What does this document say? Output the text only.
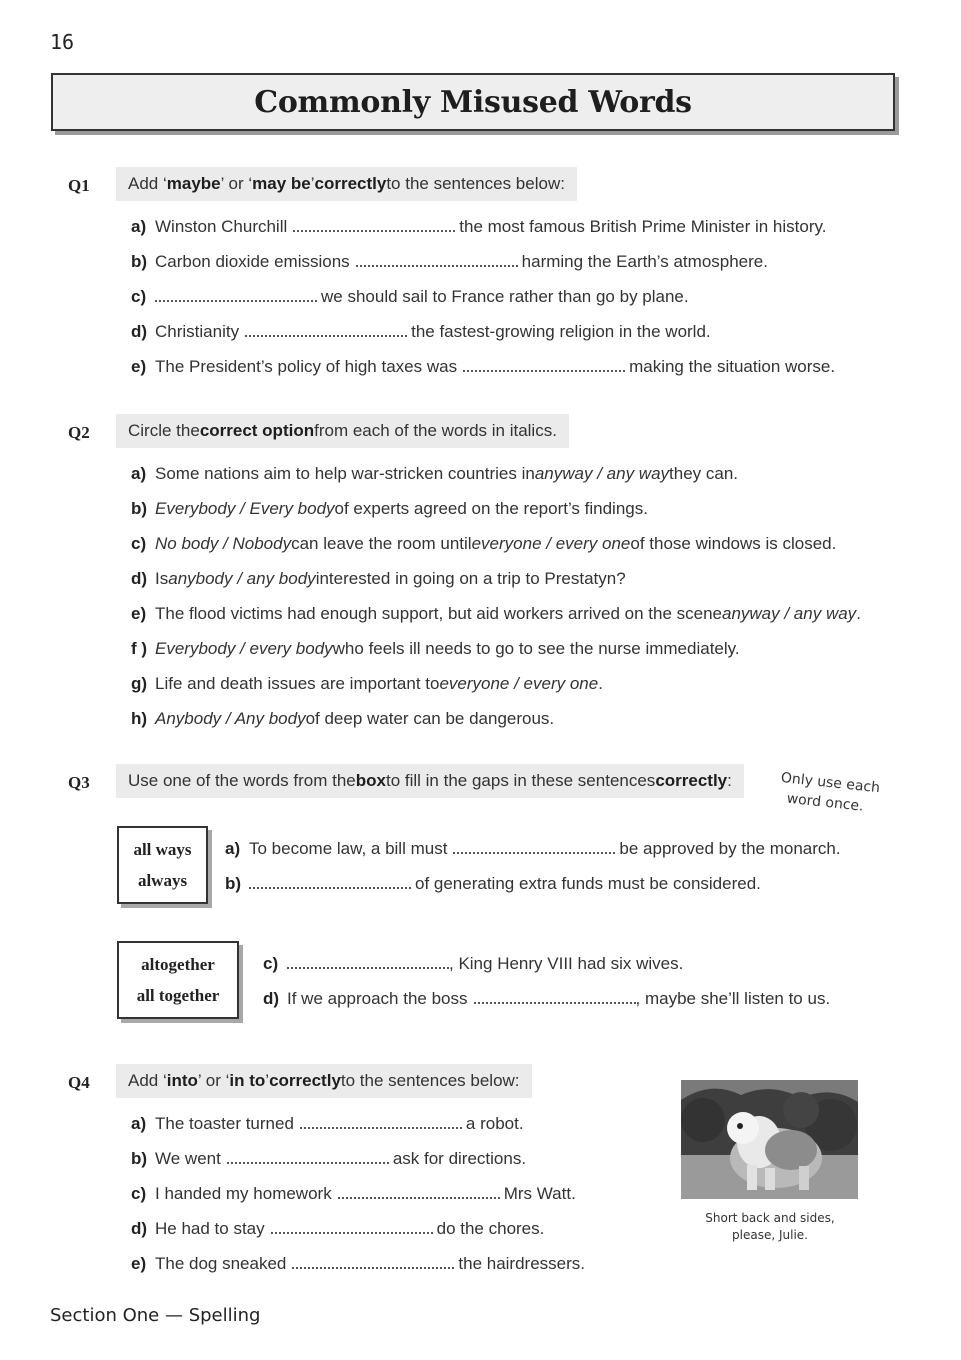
16
Commonly Misused Words
Q1 Add ‘ maybe ’ or ‘ may be ’ correctly to the sentences below:
a) Winston Churchill	the most famous British Prime Minister in history.
b) Carbon dioxide emissions	harming the Earth’s atmosphere.
c)	we should sail to France rather than go by plane.
d) Christianity	the fastest-growing religion in the world.
e) The President’s policy of high taxes was	making the situation worse.
Q2 Circle the correct option from each of the words in italics.
a) Some nations aim to help war-stricken countries in anyway / any way they can.
b) Everybody / Every body of experts agreed on the report’s findings.
c) No body / Nobody can leave the room until everyone / every one of those windows is closed.
d) Is anybody / any body interested in going on a trip to Prestatyn?
e) The flood victims had enough support, but aid workers arrived on the scene anyway / any way .
f ) Everybody / every body who feels ill needs to go to see the nurse immediately.
g) Life and death issues are important to everyone / every one .
h) Anybody / Any body of deep water can be dangerous.
Q3 Use one of the words from the box to fill in the gaps in these sentences correctly :	Only use each
word once.
all ways
always
a) To become law, a bill must	be approved by the monarch.
b)	of generating extra funds must be considered.
altogether
all together
c)	, King Henry VIII had six wives.
d) If we approach the boss	, maybe she’ll listen to us.
Q4 Add ‘ into ’ or ‘ in to ’ correctly to the sentences below:
a) The toaster turned	a robot.
b) We went	ask for directions.
c) I handed my homework	Mrs Watt.
d) He had to stay	do the chores.
e) The dog sneaked	the hairdressers.
Short back and sides,
please, Julie.
Section One — Spelling
